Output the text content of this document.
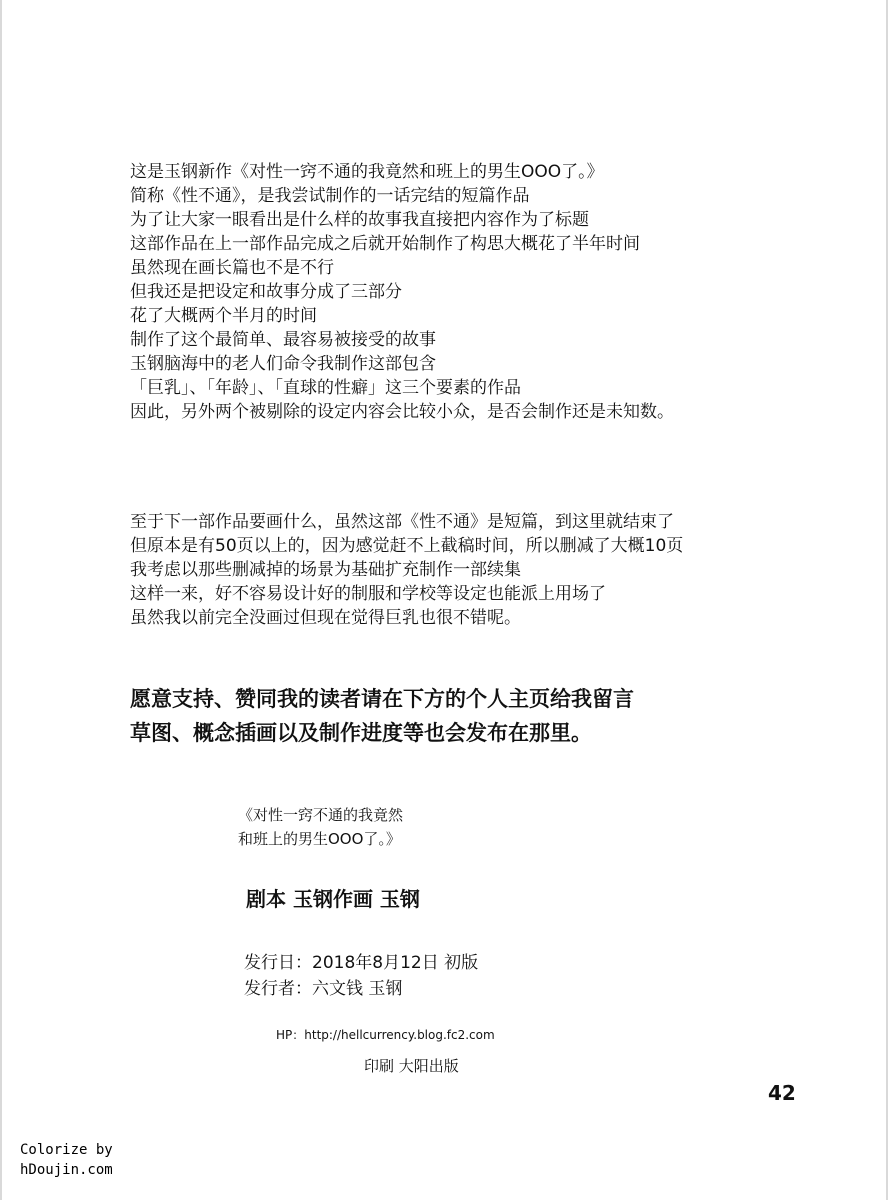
这是玉钢新作《对性一窍不通的我竟然和班上的男生OOO了。》
简称《性不通》，是我尝试制作的一话完结的短篇作品
为了让大家一眼看出是什么样的故事我直接把内容作为了标题
这部作品在上一部作品完成之后就开始制作了构思大概花了半年时间
虽然现在画长篇也不是不行
但我还是把设定和故事分成了三部分
花了大概两个半月的时间
制作了这个最简单、最容易被接受的故事
玉钢脑海中的老人们命令我制作这部包含
「巨乳」、「年龄」、「直球的性癖」这三个要素的作品
因此，另外两个被剔除的设定内容会比较小众，是否会制作还是未知数。
至于下一部作品要画什么，虽然这部《性不通》是短篇，到这里就结束了
但原本是有50页以上的，因为感觉赶不上截稿时间，所以删减了大概10页
我考虑以那些删减掉的场景为基础扩充制作一部续集
这样一来，好不容易设计好的制服和学校等设定也能派上用场了
虽然我以前完全没画过但现在觉得巨乳也很不错呢。
愿意支持、赞同我的读者请在下方的个人主页给我留言
草图、概念插画以及制作进度等也会发布在那里。
《对性一窍不通的我竟然
和班上的男生OOO了。》
剧本 玉钢作画 玉钢
发行日：2018年8月12日 初版
发行者：六文钱 玉钢
HP：http://hellcurrency.blog.fc2.com
印刷 大阳出版
42
Colorize by
hDoujin.com
